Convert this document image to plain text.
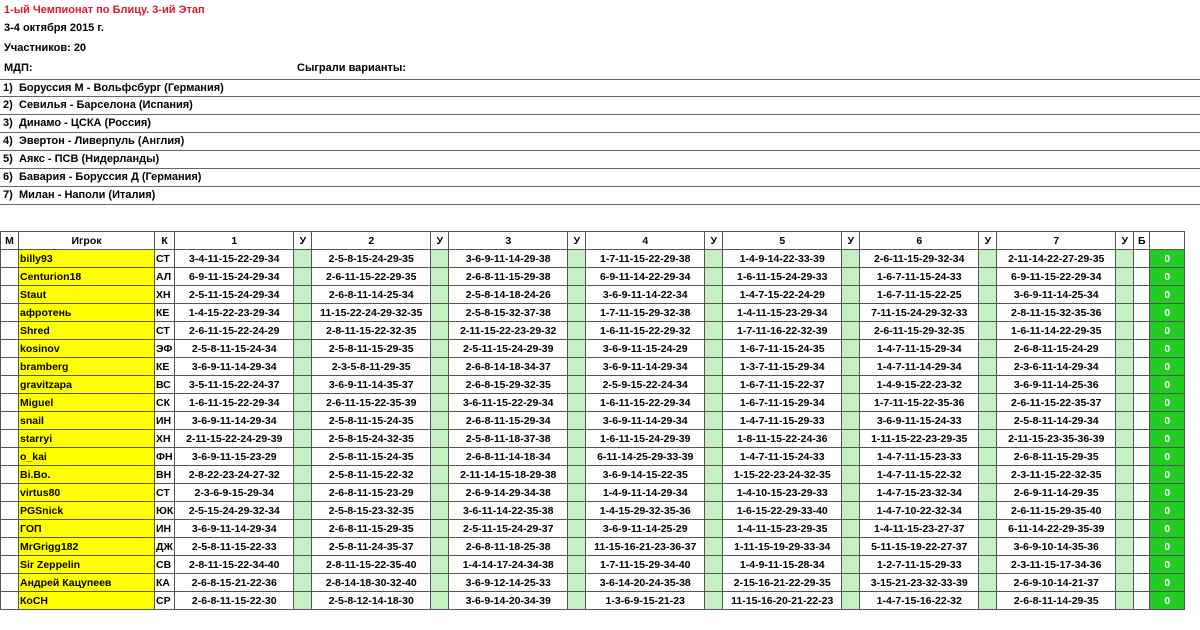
1-ый Чемпионат по Блицу. 3-ий Этап
3-4 октября 2015 г.
Участников: 20
МДП:	Сыграли варианты:
1) Боруссия М - Вольфсбург (Германия)
2) Севилья - Барселона (Испания)
3) Динамо - ЦСКА (Россия)
4) Эвертон - Ливерпуль (Англия)
5) Аякс - ПСВ (Нидерланды)
6) Бавария - Боруссия Д (Германия)
7) Милан - Наполи (Италия)
М	Игрок	К	1	У	2	У	3	У	4	У	5	У	6	У	7	У	Б	Итого
	billy93	СТ	3-4-11-15-22-29-34		2-5-8-15-24-29-35		3-6-9-11-14-29-38		1-7-11-15-22-29-38		1-4-9-14-22-33-39		2-6-11-15-29-32-34		2-11-14-22-27-29-35			0
	Centurion18	АЛ	6-9-11-15-24-29-34		2-6-11-15-22-29-35		2-6-8-11-15-29-38		6-9-11-14-22-29-34		1-6-11-15-24-29-33		1-6-7-11-15-24-33		6-9-11-15-22-29-34			0
	Staut	ХН	2-5-11-15-24-29-34		2-6-8-11-14-25-34		2-5-8-14-18-24-26		3-6-9-11-14-22-34		1-4-7-15-22-24-29		1-6-7-11-15-22-25		3-6-9-11-14-25-34			0
	афротень	КЕ	1-4-15-22-23-29-34		11-15-22-24-29-32-35		2-5-8-15-32-37-38		1-7-11-15-29-32-38		1-4-11-15-23-29-34		7-11-15-24-29-32-33		2-8-11-15-32-35-36			0
	Shred	СТ	2-6-11-15-22-24-29		2-8-11-15-22-32-35		2-11-15-22-23-29-32		1-6-11-15-22-29-32		1-7-11-16-22-32-39		2-6-11-15-29-32-35		1-6-11-14-22-29-35			0
	kosinov	ЭФ	2-5-8-11-15-24-34		2-5-8-11-15-29-35		2-5-11-15-24-29-39		3-6-9-11-15-24-29		1-6-7-11-15-24-35		1-4-7-11-15-29-34		2-6-8-11-15-24-29			0
	bramberg	КЕ	3-6-9-11-14-29-34		2-3-5-8-11-29-35		2-6-8-14-18-34-37		3-6-9-11-14-29-34		1-3-7-11-15-29-34		1-4-7-11-14-29-34		2-3-6-11-14-29-34			0
	gravitzapa	ВС	3-5-11-15-22-24-37		3-6-9-11-14-35-37		2-6-8-15-29-32-35		2-5-9-15-22-24-34		1-6-7-11-15-22-37		1-4-9-15-22-23-32		3-6-9-11-14-25-36			0
	Miguel	СК	1-6-11-15-22-29-34		2-6-11-15-22-35-39		3-6-11-15-22-29-34		1-6-11-15-22-29-34		1-6-7-11-15-29-34		1-7-11-15-22-35-36		2-6-11-15-22-35-37			0
	snail	ИН	3-6-9-11-14-29-34		2-5-8-11-15-24-35		2-6-8-11-15-29-34		3-6-9-11-14-29-34		1-4-7-11-15-29-33		3-6-9-11-15-24-33		2-5-8-11-14-29-34			0
	starryi	ХН	2-11-15-22-24-29-39		2-5-8-15-24-32-35		2-5-8-11-18-37-38		1-6-11-15-24-29-39		1-8-11-15-22-24-36		1-11-15-22-23-29-35		2-11-15-23-35-36-39			0
	o_kai	ФН	3-6-9-11-15-23-29		2-5-8-11-15-24-35		2-6-8-11-14-18-34		6-11-14-25-29-33-39		1-4-7-11-15-24-33		1-4-7-11-15-23-33		2-6-8-11-15-29-35			0
	Bi.Bo.	ВН	2-8-22-23-24-27-32		2-5-8-11-15-22-32		2-11-14-15-18-29-38		3-6-9-14-15-22-35		1-15-22-23-24-32-35		1-4-7-11-15-22-32		2-3-11-15-22-32-35			0
	virtus80	СТ	2-3-6-9-15-29-34		2-6-8-11-15-23-29		2-6-9-14-29-34-38		1-4-9-11-14-29-34		1-4-10-15-23-29-33		1-4-7-15-23-32-34		2-6-9-11-14-29-35			0
	PGSnick	ЮК	2-5-15-24-29-32-34		2-5-8-15-23-32-35		3-6-11-14-22-35-38		1-4-15-29-32-35-36		1-6-15-22-29-33-40		1-4-7-10-22-32-34		2-6-11-15-29-35-40			0
	ГОП	ИН	3-6-9-11-14-29-34		2-6-8-11-15-29-35		2-5-11-15-24-29-37		3-6-9-11-14-25-29		1-4-11-15-23-29-35		1-4-11-15-23-27-37		6-11-14-22-29-35-39			0
	MrGrigg182	ДЖ	2-5-8-11-15-22-33		2-5-8-11-24-35-37		2-6-8-11-18-25-38		11-15-16-21-23-36-37		1-11-15-19-29-33-34		5-11-15-19-22-27-37		3-6-9-10-14-35-36			0
	Sir Zeppelin	СВ	2-8-11-15-22-34-40		2-8-11-15-22-35-40		1-4-14-17-24-34-38		1-7-11-15-29-34-40		1-4-9-11-15-28-34		1-2-7-11-15-29-33		2-3-11-15-17-34-36			0
	Андрей Кацупеев	КА	2-6-8-15-21-22-36		2-8-14-18-30-32-40		3-6-9-12-14-25-33		3-6-14-20-24-35-38		2-15-16-21-22-29-35		3-15-21-23-32-33-39		2-6-9-10-14-21-37			0
	КоСН	СР	2-6-8-11-15-22-30		2-5-8-12-14-18-30		3-6-9-14-20-34-39		1-3-6-9-15-21-23		11-15-16-20-21-22-23		1-4-7-15-16-22-32		2-6-8-11-14-29-35			0
